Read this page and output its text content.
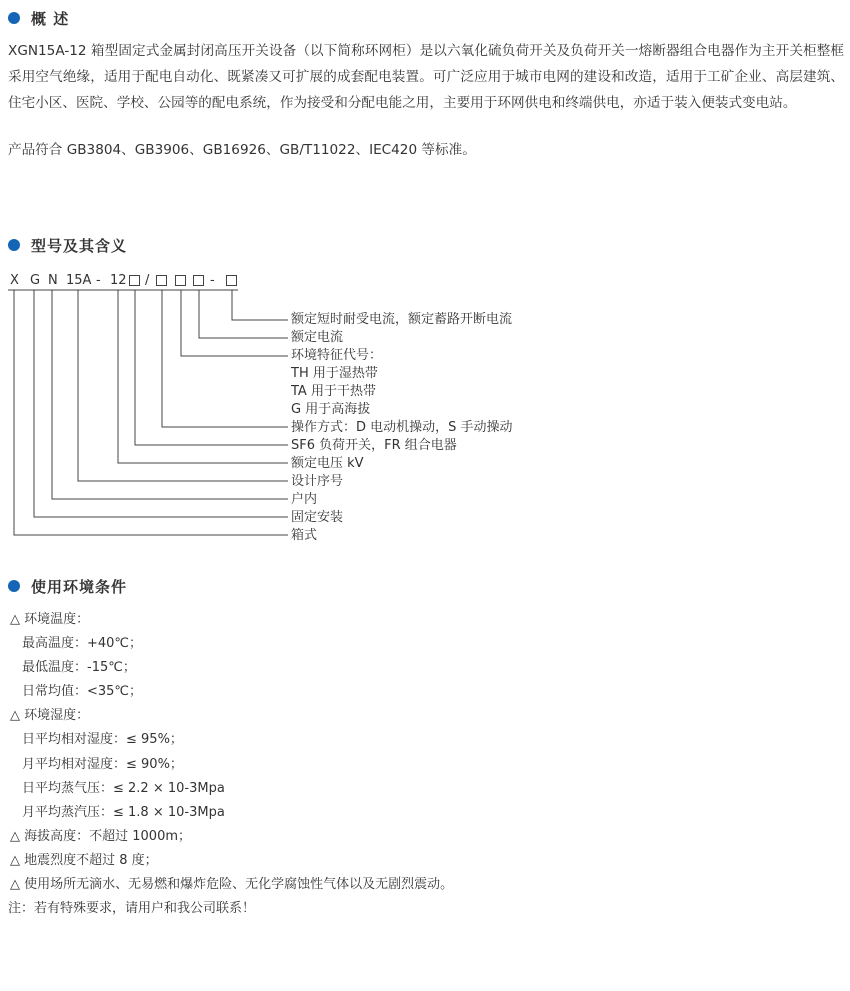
概 述

XGN15A-12 箱型固定式金属封闭高压开关设备（以下简称环网柜）是以六氧化硫负荷开关及负荷开关一熔断器组合电器作为主开关柜整框采用空气绝缘，适用于配电自动化、既紧凑又可扩展的成套配电装置。可广泛应用于城市电网的建设和改造，适用于工矿企业、高层建筑、住宅小区、医院、学校、公园等的配电系统，作为接受和分配电能之用，主要用于环网供电和终端供电，亦适于装入便装式变电站。

产品符合 GB3804、GB3906、GB16926、GB/T11022、IEC420 等标准。
型号及其含义
X G N 15A - 12 /	-
额定短时耐受电流，额定蓄路开断电流
额定电流
环境特征代号：
TH 用于湿热带
TA 用于干热带
G 用于高海拔
操作方式：D 电动机操动，S 手动操动
SF6 负荷开关，FR 组合电器
额定电压 kV
设计序号
户内
固定安装
箱式
使用环境条件
△ 环境温度：
最高温度：+40℃；
最低温度：-15℃；
日常均值：<35℃；
△ 环境湿度：
日平均相对湿度：≤ 95%；
月平均相对湿度：≤ 90%；
日平均蒸气压：≤ 2.2 × 10-3Mpa
月平均蒸汽压：≤ 1.8 × 10-3Mpa
△ 海拔高度：不超过 1000m；
△ 地震烈度不超过 8 度；
△ 使用场所无滴水、无易燃和爆炸危险、无化学腐蚀性气体以及无剧烈震动。
注：若有特殊要求，请用户和我公司联系！
